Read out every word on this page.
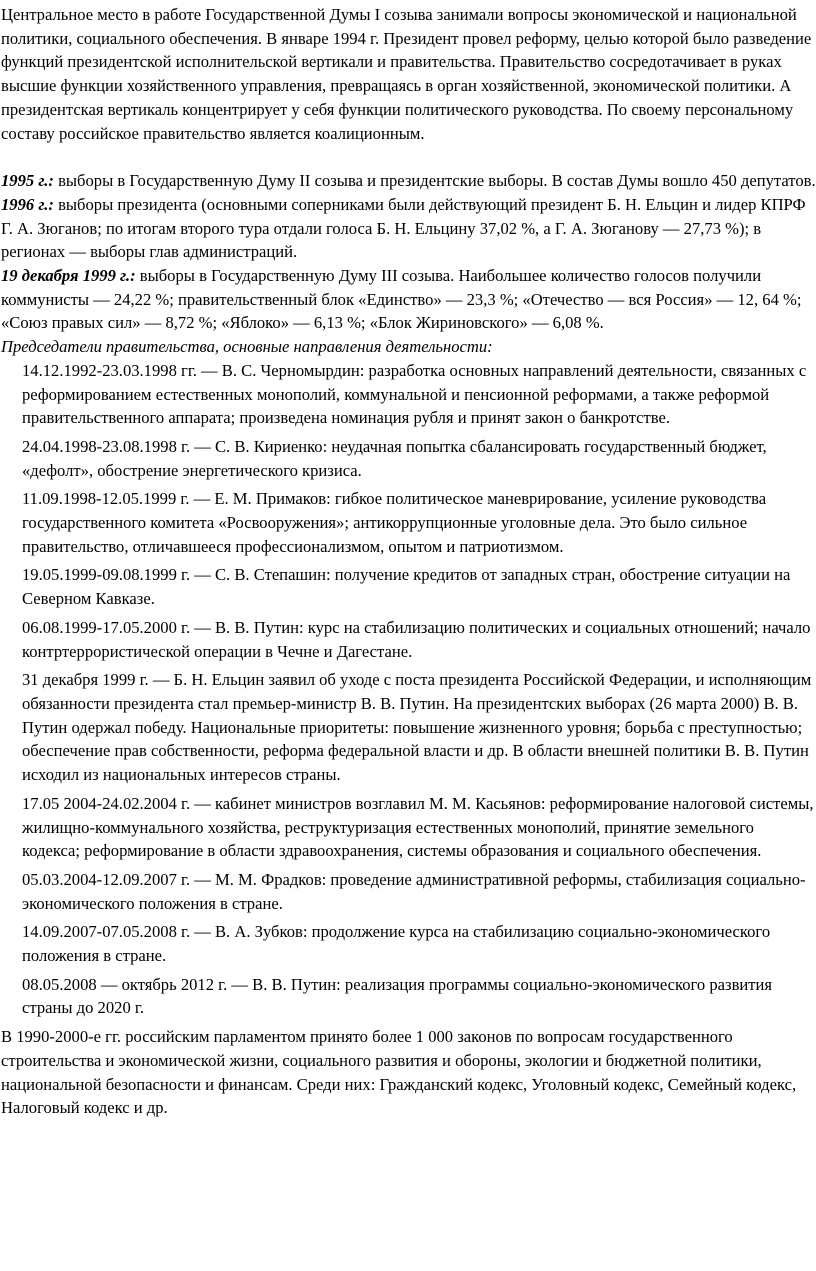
Центральное место в работе Государственной Думы I созыва занимали вопросы экономической и национальной политики, социального обеспечения. В январе 1994 г. Президент провел реформу, целью которой было разведение функций президентской исполнительской вертикали и правительства. Правительство сосредотачивает в руках высшие функции хозяйственного управления, превращаясь в орган хозяйственной, экономической политики. А президентская вертикаль концентрирует у себя функции политического руководства. По своему персональному составу российское правительство является коалиционным.

1995 г.: выборы в Государственную Думу II созыва и президентские выборы. В состав Думы вошло 450 депутатов.

1996 г.: выборы президента (основными соперниками были действующий президент Б. Н. Ельцин и лидер КПРФ Г. А. Зюганов; по итогам второго тура отдали голоса Б. Н. Ельцину 37,02 %, а Г. А. Зюганову — 27,73 %); в регионах — выборы глав администраций.

19 декабря 1999 г.: выборы в Государственную Думу III созыва. Наибольшее количество голосов получили коммунисты — 24,22 %; правительственный блок «Единство» — 23,3 %; «Отечество — вся Россия» — 12, 64 %; «Союз правых сил» — 8,72 %; «Яблоко» — 6,13 %; «Блок Жириновского» — 6,08 %.

Председатели правительства, основные направления деятельности:

14.12.1992-23.03.1998 гг. — В. С. Черномырдин: разработка основных направлений деятельности, связанных с реформированием естественных монополий, коммунальной и пенсионной реформами, а также реформой правительственного аппарата; произведена номинация рубля и принят закон о банкротстве.

24.04.1998-23.08.1998 г. — С. В. Кириенко: неудачная попытка сбалансировать государственный бюджет, «дефолт», обострение энергетического кризиса.

11.09.1998-12.05.1999 г. — Е. М. Примаков: гибкое политическое маневрирование, усиление руководства государственного комитета «Росвооружения»; антикоррупционные уголовные дела. Это было сильное правительство, отличавшееся профессионализмом, опытом и патриотизмом.

19.05.1999-09.08.1999 г. — С. В. Степашин: получение кредитов от западных стран, обострение ситуации на Северном Кавказе.

06.08.1999-17.05.2000 г. — В. В. Путин: курс на стабилизацию политических и социальных отношений; начало контртеррористической операции в Чечне и Дагестане.

31 декабря 1999 г. — Б. Н. Ельцин заявил об уходе с поста президента Российской Федерации, и исполняющим обязанности президента стал премьер-министр В. В. Путин. На президентских выборах (26 марта 2000) В. В. Путин одержал победу. Национальные приоритеты: повышение жизненного уровня; борьба с преступностью; обеспечение прав собственности, реформа федеральной власти и др. В области внешней политики В. В. Путин исходил из национальных интересов страны.

17.05 2004-24.02.2004 г. — кабинет министров возглавил М. М. Касьянов: реформирование налоговой системы, жилищно-коммунального хозяйства, реструктуризация естественных монополий, принятие земельного кодекса; реформирование в области здравоохранения, системы образования и социального обеспечения.

05.03.2004-12.09.2007 г. — М. М. Фрадков: проведение административной реформы, стабилизация социально-экономического положения в стране.

14.09.2007-07.05.2008 г. — В. А. Зубков: продолжение курса на стабилизацию социально-экономического положения в стране.

08.05.2008 — октябрь 2012 г. — В. В. Путин: реализация программы социально-экономического развития страны до 2020 г.

В 1990-2000-е гг. российским парламентом принято более 1 000 законов по вопросам государственного строительства и экономической жизни, социального развития и обороны, экологии и бюджетной политики, национальной безопасности и финансам. Среди них: Гражданский кодекс, Уголовный кодекс, Семейный кодекс, Налоговый кодекс и др.
